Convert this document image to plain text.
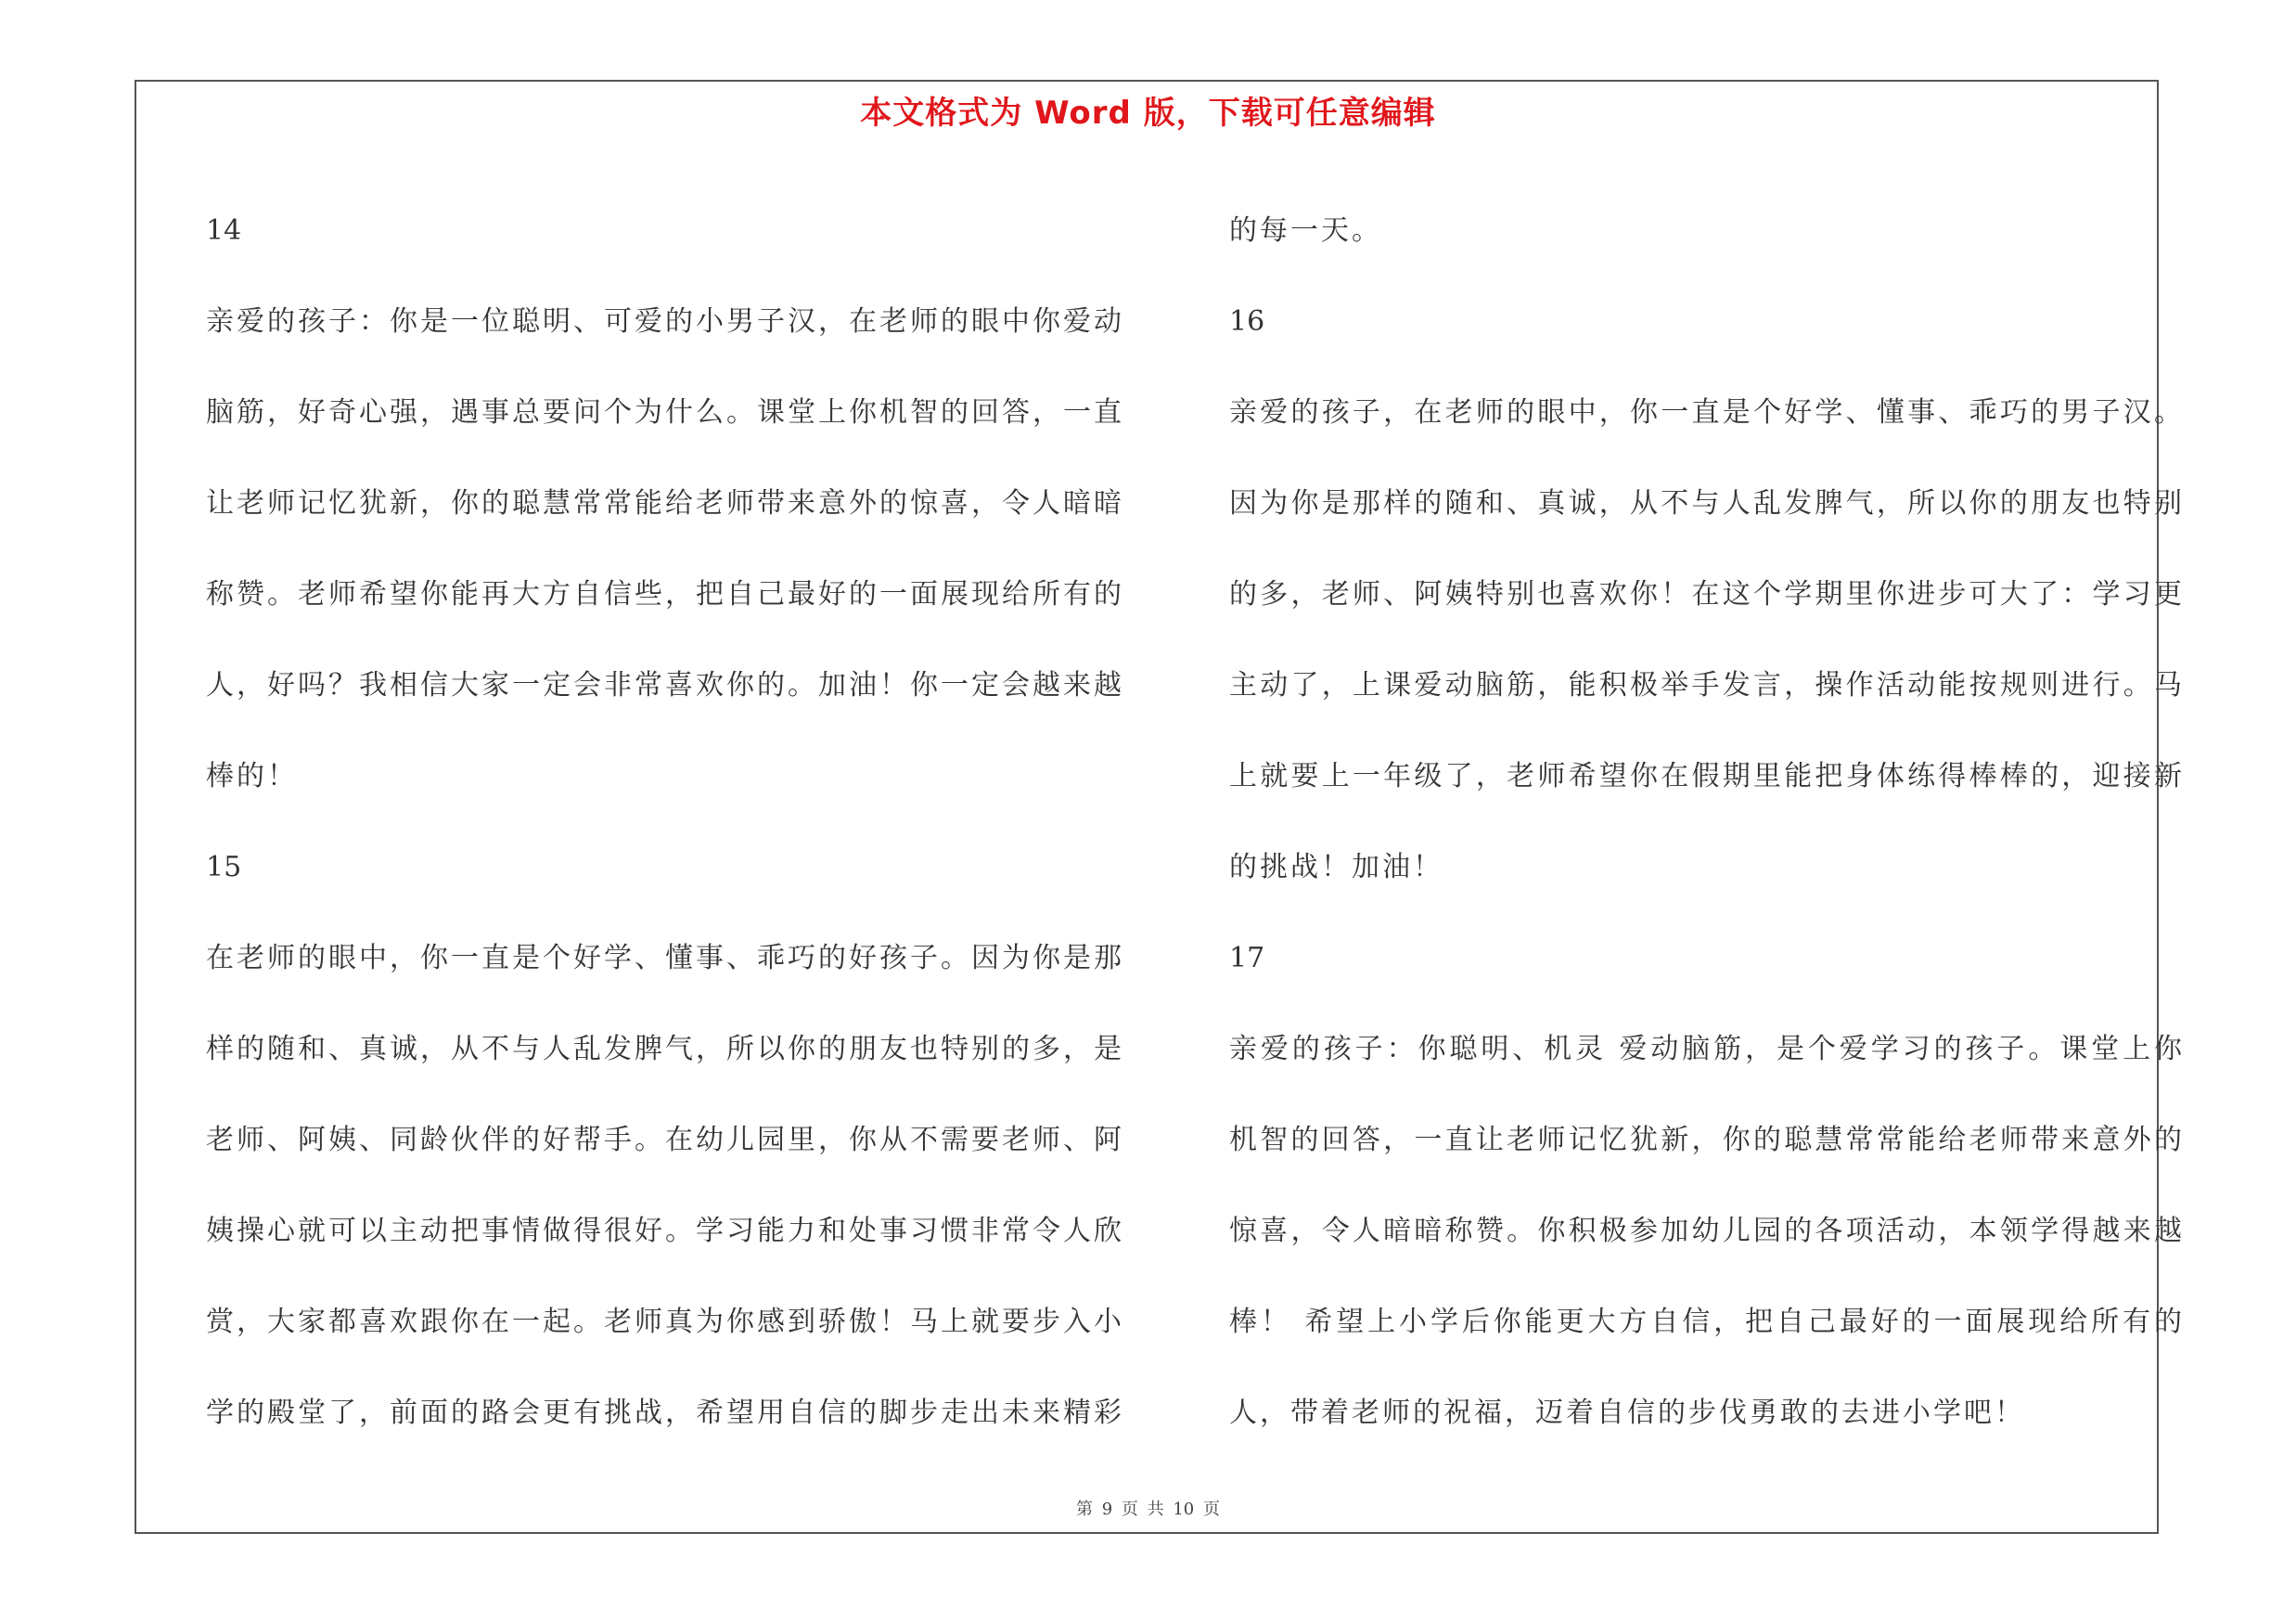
本文格式为 Word 版，下载可任意编辑
14

亲爱的孩子：你是一位聪明、可爱的小男子汉，在老师的眼中你爱动脑筋，好奇心强，遇事总要问个为什么。课堂上你机智的回答，一直让老师记忆犹新，你的聪慧常常能给老师带来意外的惊喜，令人暗暗称赞。老师希望你能再大方自信些，把自己最好的一面展现给所有的人，好吗？我相信大家一定会非常喜欢你的。加油！你一定会越来越棒的！

15

在老师的眼中，你一直是个好学、懂事、乖巧的好孩子。因为你是那样的随和、真诚，从不与人乱发脾气，所以你的朋友也特别的多，是老师、阿姨、同龄伙伴的好帮手。在幼儿园里，你从不需要老师、阿姨操心就可以主动把事情做得很好。学习能力和处事习惯非常令人欣赏，大家都喜欢跟你在一起。老师真为你感到骄傲！马上就要步入小学的殿堂了，前面的路会更有挑战，希望用自信的脚步走出未来精彩

的每一天。

16

亲爱的孩子，在老师的眼中，你一直是个好学、懂事、乖巧的男子汉。因为你是那样的随和、真诚，从不与人乱发脾气，所以你的朋友也特别的多，老师、阿姨特别也喜欢你！在这个学期里你进步可大了：学习更主动了，上课爱动脑筋，能积极举手发言，操作活动能按规则进行。马上就要上一年级了，老师希望你在假期里能把身体练得棒棒的，迎接新的挑战！加油！

17

亲爱的孩子：你聪明、机灵 爱动脑筋，是个爱学习的孩子。课堂上你机智的回答，一直让老师记忆犹新，你的聪慧常常能给老师带来意外的惊喜，令人暗暗称赞。你积极参加幼儿园的各项活动，本领学得越来越棒！ 希望上小学后你能更大方自信，把自己最好的一面展现给所有的人，带着老师的祝福，迈着自信的步伐勇敢的去进小学吧！

第 9 页 共 10 页
